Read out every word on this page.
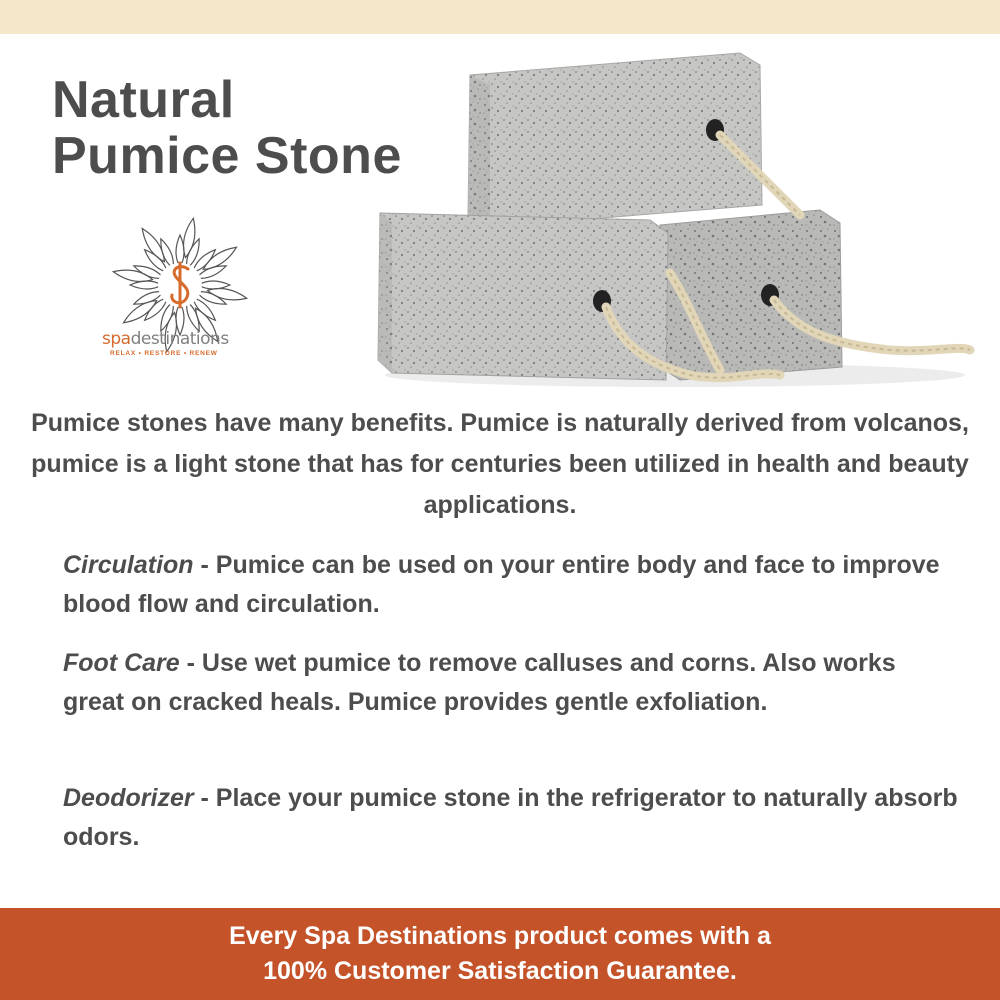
Natural
Pumice Stone
spadestinations
RELAX • RESTORE • RENEW

Pumice stones have many benefits. Pumice is naturally derived from volcanos, pumice is a light stone that has for centuries been utilized in health and beauty applications.

Circulation - Pumice can be used on your entire body and face to improve blood flow and circulation.

Foot Care - Use wet pumice to remove calluses and corns. Also works great on cracked heals. Pumice provides gentle exfoliation.

Deodorizer - Place your pumice stone in the refrigerator to naturally absorb odors.

Every Spa Destinations product comes with a

100% Customer Satisfaction Guarantee.
